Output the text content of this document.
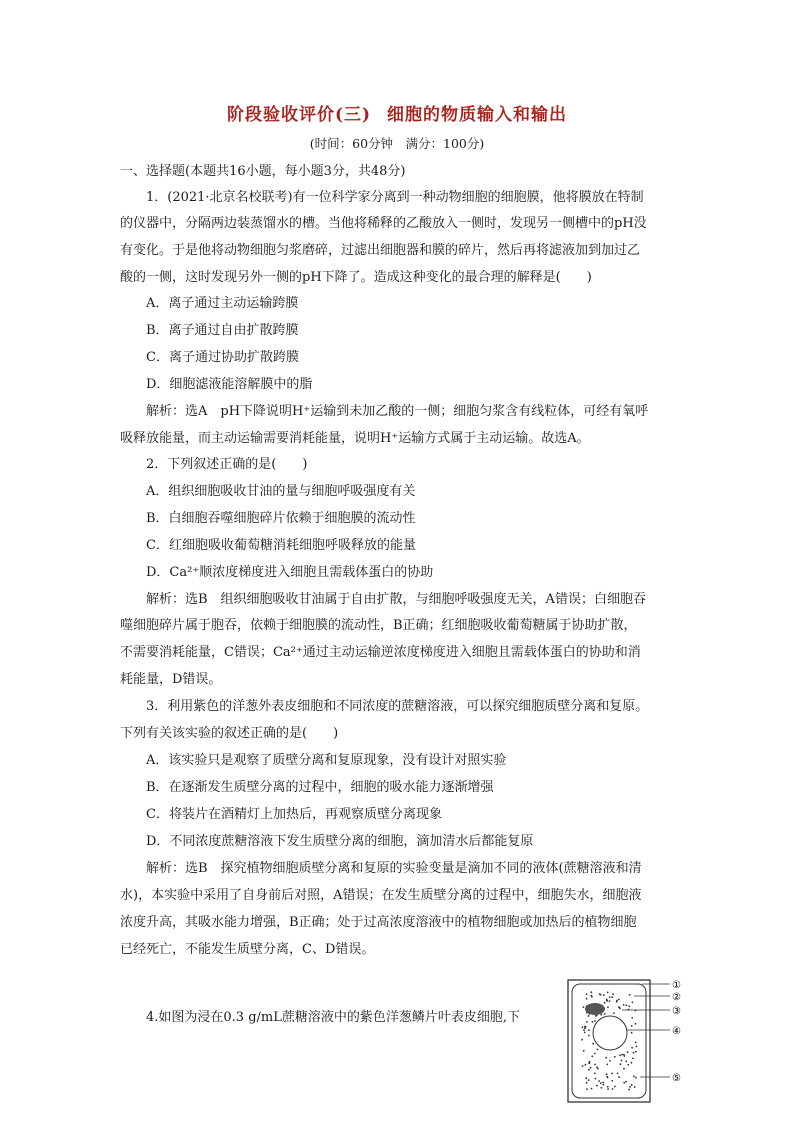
阶段验收评价(三) 细胞的物质输入和输出
(时间：60分钟　满分：100分)
一、选择题(本题共16小题，每小题3分，共48分)
1．(2021·北京名校联考)有一位科学家分离到一种动物细胞的细胞膜，他将膜放在特制
的仪器中，分隔两边装蒸馏水的槽。当他将稀释的乙酸放入一侧时，发现另一侧槽中的pH没
有变化。于是他将动物细胞匀浆磨碎，过滤出细胞器和膜的碎片，然后再将滤液加到加过乙
酸的一侧，这时发现另外一侧的pH下降了。造成这种变化的最合理的解释是(　　)
A．离子通过主动运输跨膜
B．离子通过自由扩散跨膜
C．离子通过协助扩散跨膜
D．细胞滤液能溶解膜中的脂
解析：选A　pH下降说明H⁺运输到未加乙酸的一侧；细胞匀浆含有线粒体，可经有氧呼
吸释放能量，而主动运输需要消耗能量，说明H⁺运输方式属于主动运输。故选A。
2．下列叙述正确的是(　　)
A．组织细胞吸收甘油的量与细胞呼吸强度有关
B．白细胞吞噬细胞碎片依赖于细胞膜的流动性
C．红细胞吸收葡萄糖消耗细胞呼吸释放的能量
D．Ca²⁺顺浓度梯度进入细胞且需载体蛋白的协助
解析：选B　组织细胞吸收甘油属于自由扩散，与细胞呼吸强度无关，A错误；白细胞吞
噬细胞碎片属于胞吞，依赖于细胞膜的流动性，B正确；红细胞吸收葡萄糖属于协助扩散，
不需要消耗能量，C错误；Ca²⁺通过主动运输逆浓度梯度进入细胞且需载体蛋白的协助和消
耗能量，D错误。
3．利用紫色的洋葱外表皮细胞和不同浓度的蔗糖溶液，可以探究细胞质壁分离和复原。
下列有关该实验的叙述正确的是(　　)
A．该实验只是观察了质壁分离和复原现象，没有设计对照实验
B．在逐渐发生质壁分离的过程中，细胞的吸水能力逐渐增强
C．将装片在酒精灯上加热后，再观察质壁分离现象
D．不同浓度蔗糖溶液下发生质壁分离的细胞，滴加清水后都能复原
解析：选B　探究植物细胞质壁分离和复原的实验变量是滴加不同的液体(蔗糖溶液和清
水)，本实验中采用了自身前后对照，A错误；在发生质壁分离的过程中，细胞失水，细胞液
浓度升高，其吸水能力增强，B正确；处于过高浓度溶液中的植物细胞或加热后的植物细胞
已经死亡，不能发生质壁分离，C、D错误。
4.如图为浸在0.3 g/mL蔗糖溶液中的紫色洋葱鳞片叶表皮细胞,下
①
②
③
④
⑤
